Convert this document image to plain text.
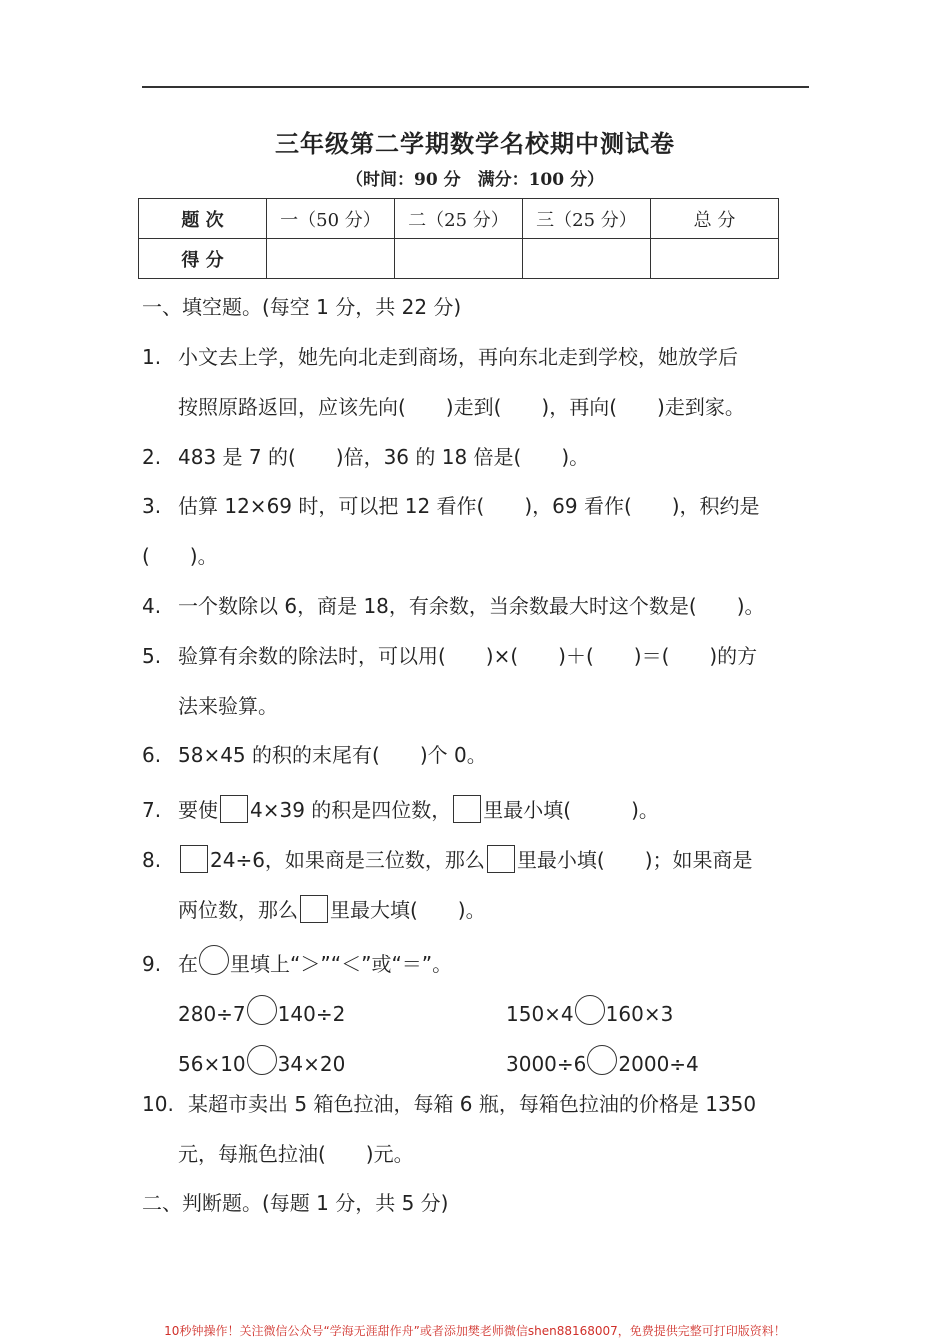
三年级第二学期数学名校期中测试卷
（时间：90 分　满分：100 分）
题 次	一（50 分）	二（25 分）	三（25 分）	总 分
得 分				
一、填空题。(每空 1 分，共 22 分)
1. 小文去上学，她先向北走到商场，再向东北走到学校，她放学后
按照原路返回，应该先向(　　)走到(　　)，再向(　　)走到家。
2. 483 是 7 的(　　)倍，36 的 18 倍是(　　)。
3. 估算 12×69 时，可以把 12 看作(　　)，69 看作(　　)，积约是
(　　)。
4. 一个数除以 6，商是 18，有余数，当余数最大时这个数是(　　)。
5. 验算有余数的除法时，可以用(　　)×(　　)＋(　　)＝(　　)的方
法来验算。
6. 58×45 的积的末尾有(　　)个 0。
7. 要使 4×39 的积是四位数， 里最小填(　　　)。
8. 24÷6，如果商是三位数，那么 里最小填(　　)；如果商是
两位数，那么 里最大填(　　)。
9. 在 里填上“＞”“＜”或“＝”。
280÷7 140÷2	150×4 160×3
56×10 34×20	3000÷6 2000÷4
10. 某超市卖出 5 箱色拉油，每箱 6 瓶，每箱色拉油的价格是 1350
元，每瓶色拉油(　　)元。
二、判断题。(每题 1 分，共 5 分)
10秒钟操作！关注微信公众号“学海无涯甜作舟”或者添加樊老师微信shen88168007，免费提供完整可打印版资料！
